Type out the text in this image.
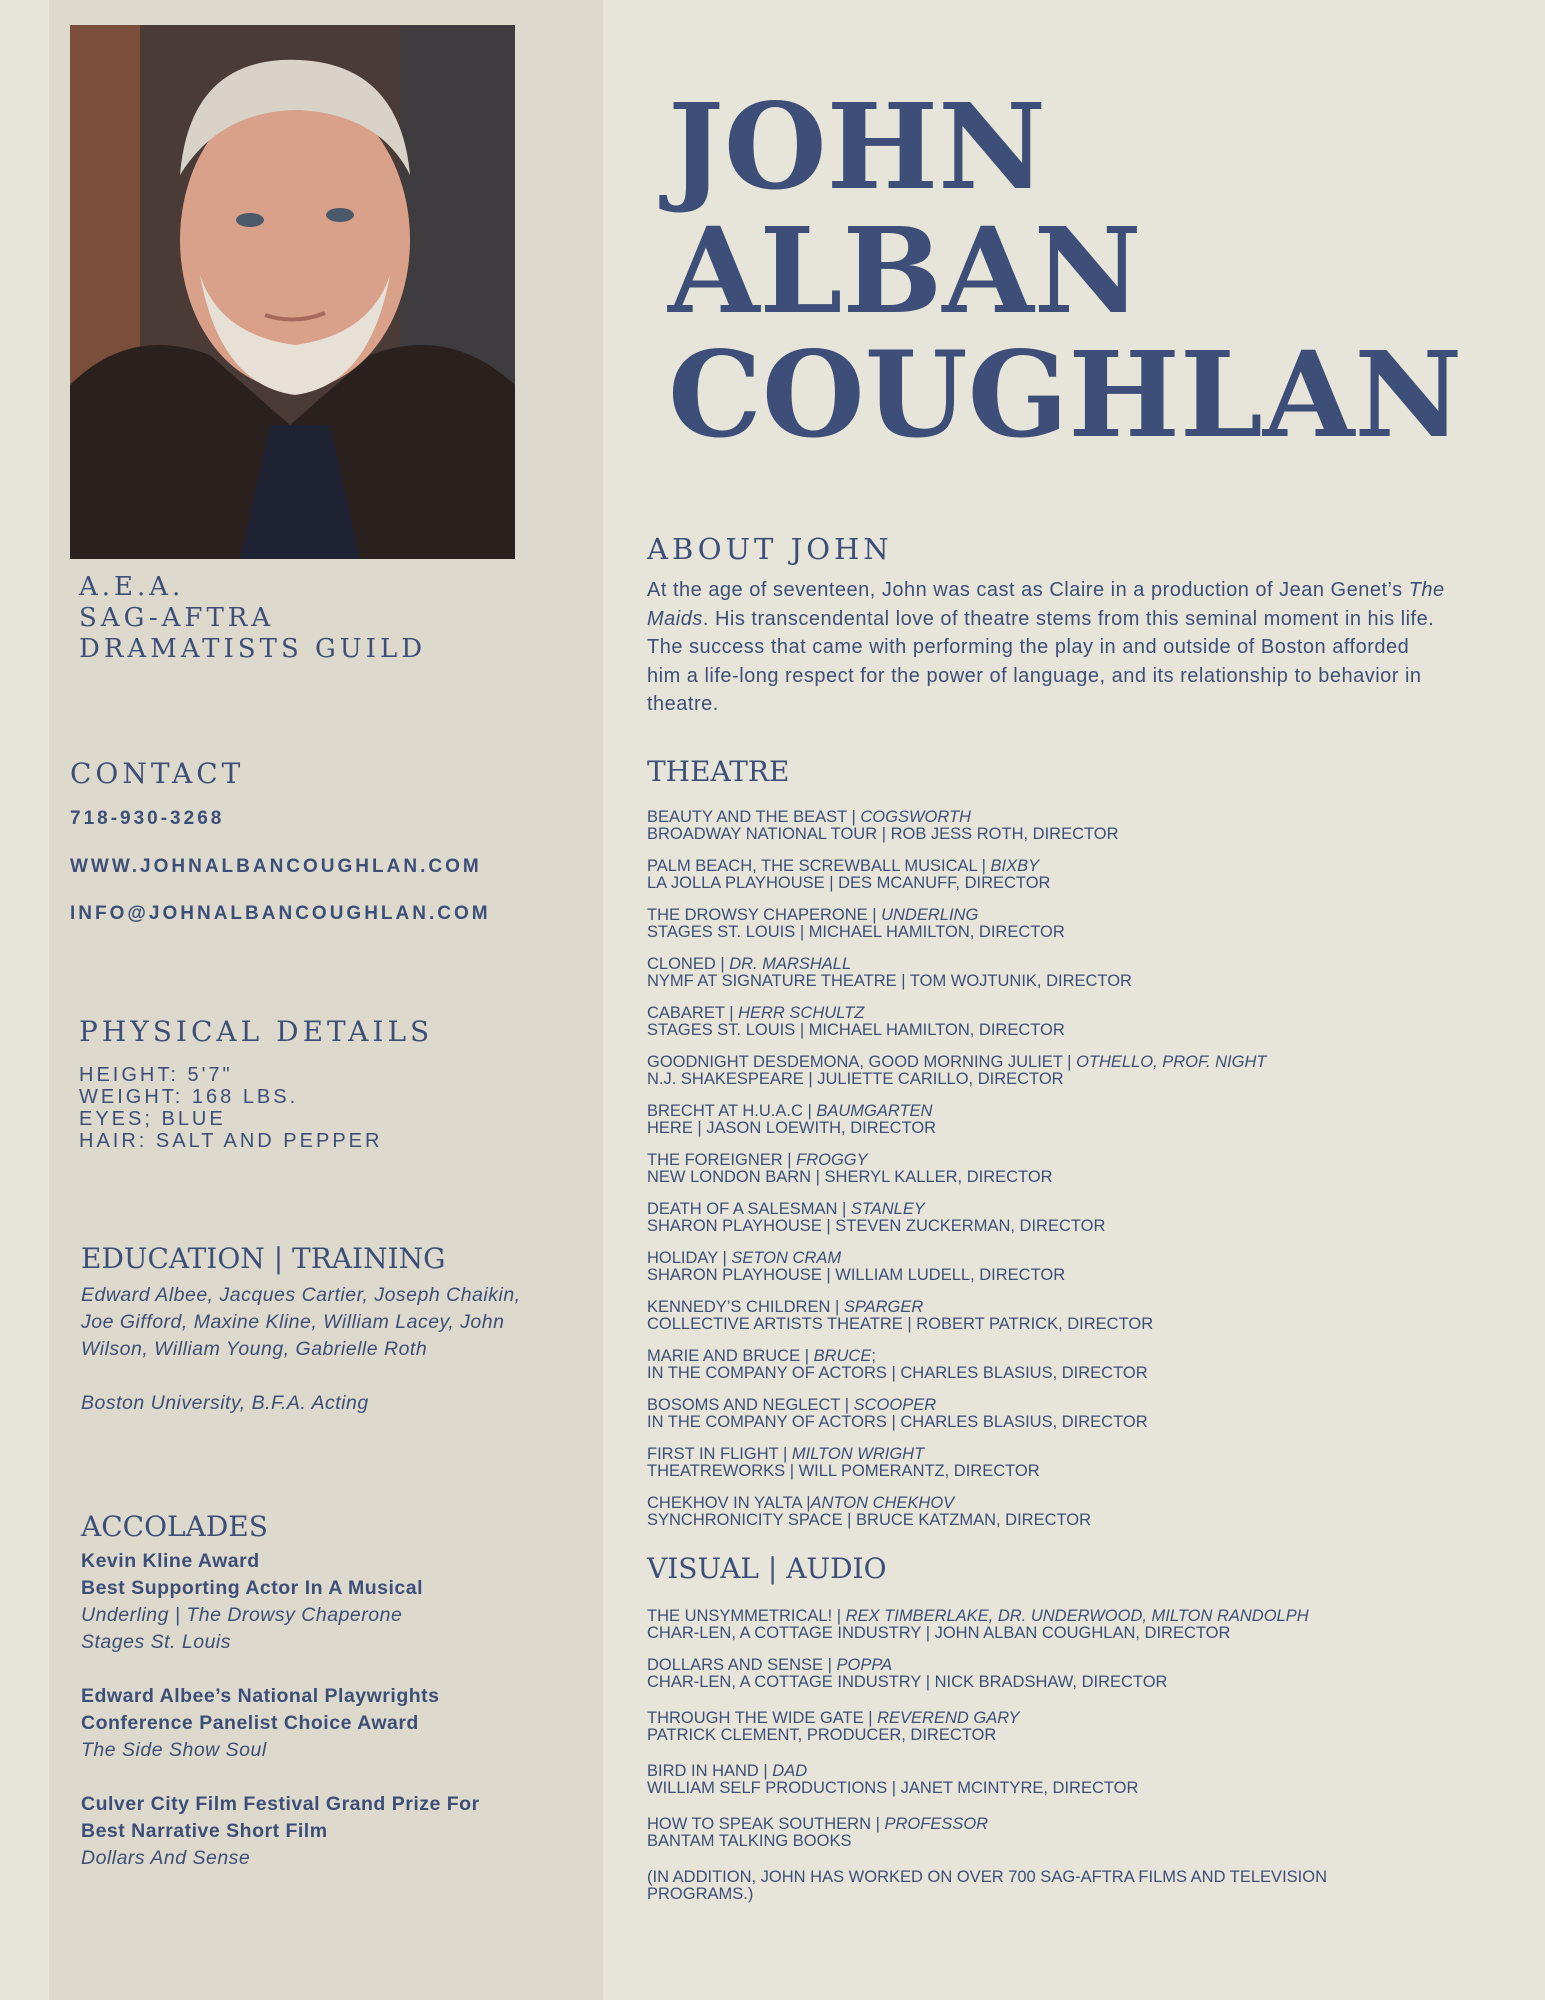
A.E.A.
SAG-AFTRA
DRAMATISTS GUILD
CONTACT
718-930-3268
WWW.JOHNALBANCOUGHLAN.COM
INFO@JOHNALBANCOUGHLAN.COM
PHYSICAL DETAILS
HEIGHT: 5'7"
WEIGHT: 168 LBS.
EYES; BLUE
HAIR: SALT AND PEPPER
EDUCATION | TRAINING
Edward Albee, Jacques Cartier, Joseph Chaikin, Joe Gifford, Maxine Kline, William Lacey, John Wilson, William Young, Gabrielle Roth
Boston University, B.F.A. Acting
ACCOLADES
Kevin Kline Award
Best Supporting Actor In A Musical
Underling | The Drowsy Chaperone
Stages St. Louis
Edward Albee’s National Playwrights
Conference Panelist Choice Award
The Side Show Soul
Culver City Film Festival Grand Prize For
Best Narrative Short Film
Dollars And Sense
JOHN
ALBAN
COUGHLAN
ABOUT JOHN
At the age of seventeen, John was cast as Claire in a production of Jean Genet’s The Maids. His transcendental love of theatre stems from this seminal moment in his life. The success that came with performing the play in and outside of Boston afforded him a life-long respect for the power of language, and its relationship to behavior in theatre.
THEATRE
BEAUTY AND THE BEAST | COGSWORTH
BROADWAY NATIONAL TOUR | ROB JESS ROTH, DIRECTOR
PALM BEACH, THE SCREWBALL MUSICAL | BIXBY
LA JOLLA PLAYHOUSE | DES MCANUFF, DIRECTOR
THE DROWSY CHAPERONE | UNDERLING
STAGES ST. LOUIS | MICHAEL HAMILTON, DIRECTOR
CLONED | DR. MARSHALL
NYMF AT SIGNATURE THEATRE | TOM WOJTUNIK, DIRECTOR
CABARET | HERR SCHULTZ
STAGES ST. LOUIS | MICHAEL HAMILTON, DIRECTOR
GOODNIGHT DESDEMONA, GOOD MORNING JULIET | OTHELLO, PROF. NIGHT
N.J. SHAKESPEARE | JULIETTE CARILLO, DIRECTOR
BRECHT AT H.U.A.C | BAUMGARTEN
HERE | JASON LOEWITH, DIRECTOR
THE FOREIGNER | FROGGY
NEW LONDON BARN | SHERYL KALLER, DIRECTOR
DEATH OF A SALESMAN | STANLEY
SHARON PLAYHOUSE | STEVEN ZUCKERMAN, DIRECTOR
HOLIDAY | SETON CRAM
SHARON PLAYHOUSE | WILLIAM LUDELL, DIRECTOR
KENNEDY’S CHILDREN | SPARGER
COLLECTIVE ARTISTS THEATRE | ROBERT PATRICK, DIRECTOR
MARIE AND BRUCE | BRUCE;
IN THE COMPANY OF ACTORS | CHARLES BLASIUS, DIRECTOR
BOSOMS AND NEGLECT | SCOOPER
IN THE COMPANY OF ACTORS | CHARLES BLASIUS, DIRECTOR
FIRST IN FLIGHT | MILTON WRIGHT
THEATREWORKS | WILL POMERANTZ, DIRECTOR
CHEKHOV IN YALTA |ANTON CHEKHOV
SYNCHRONICITY SPACE | BRUCE KATZMAN, DIRECTOR
VISUAL | AUDIO
THE UNSYMMETRICAL! | REX TIMBERLAKE, DR. UNDERWOOD, MILTON RANDOLPH
CHAR-LEN, A COTTAGE INDUSTRY | JOHN ALBAN COUGHLAN, DIRECTOR
DOLLARS AND SENSE | POPPA
CHAR-LEN, A COTTAGE INDUSTRY | NICK BRADSHAW, DIRECTOR
THROUGH THE WIDE GATE | REVEREND GARY
PATRICK CLEMENT, PRODUCER, DIRECTOR
BIRD IN HAND | DAD
WILLIAM SELF PRODUCTIONS | JANET MCINTYRE, DIRECTOR
HOW TO SPEAK SOUTHERN | PROFESSOR
BANTAM TALKING BOOKS
(IN ADDITION, JOHN HAS WORKED ON OVER 700 SAG-AFTRA FILMS AND TELEVISION
PROGRAMS.)
